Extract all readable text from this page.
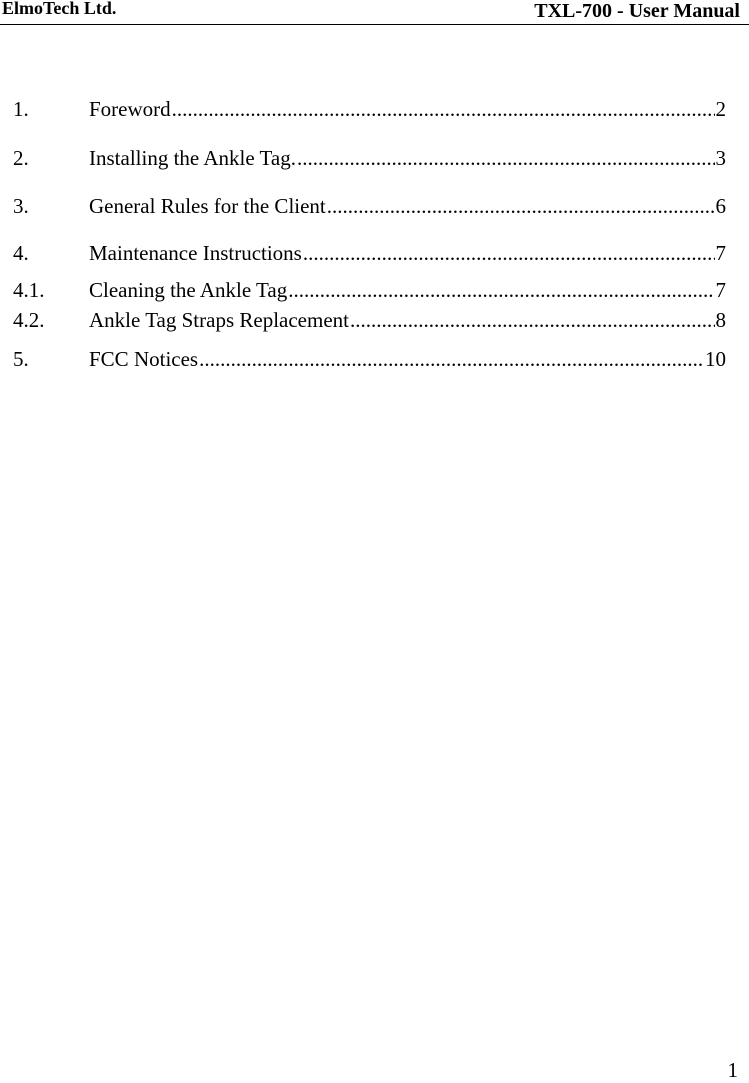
ElmoTech Ltd.	TXL-700 - User Manual
1.	Foreword .....	2
2.	Installing the Ankle Tag. .....	3
3.	General Rules for the Client .....	6
4.	Maintenance Instructions .....	7
4.1. Cleaning the Ankle Tag .....	7
4.2. Ankle Tag Straps Replacement .....	8
5.	FCC Notices .....	10
1
